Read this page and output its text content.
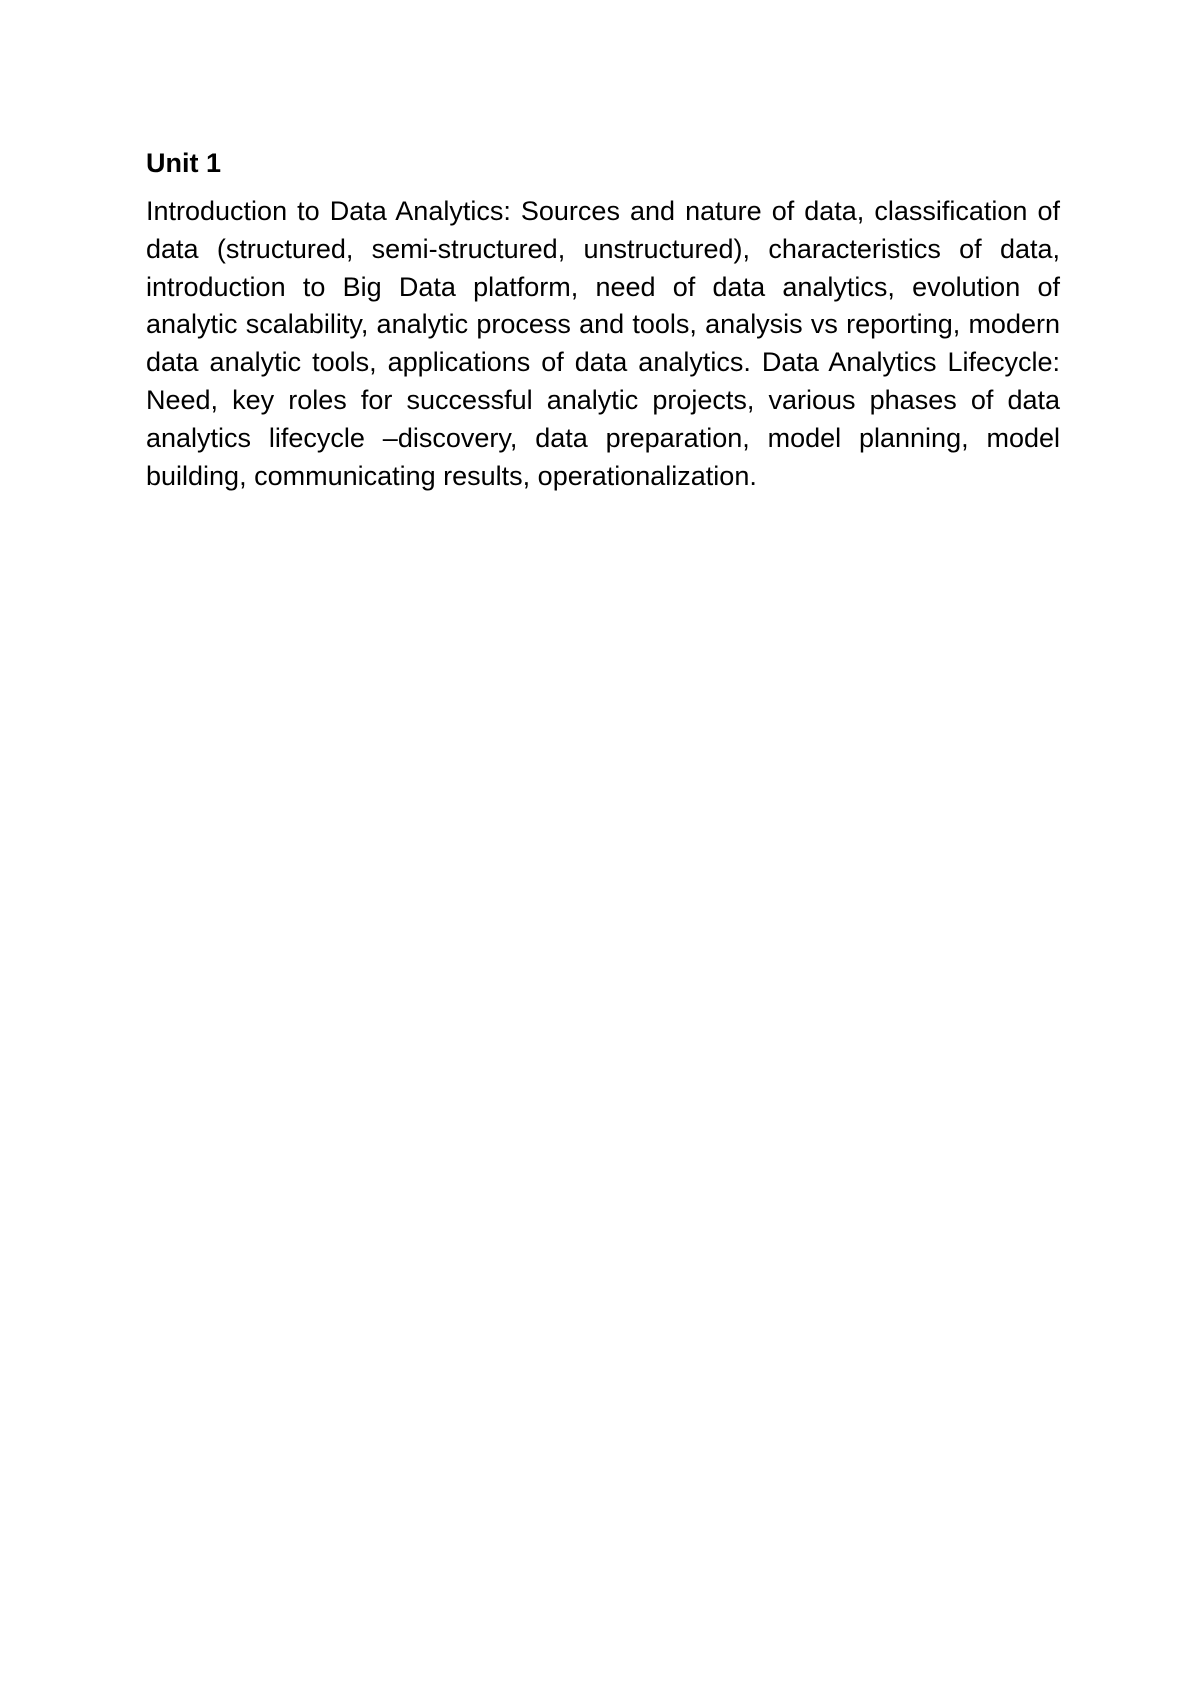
Unit 1

Introduction to Data Analytics: Sources and nature of data, classification of data (structured, semi-structured, unstructured), characteristics of data, introduction to Big Data platform, need of data analytics, evolution of analytic scalability, analytic process and tools, analysis vs reporting, modern data analytic tools, applications of data analytics. Data Analytics Lifecycle: Need, key roles for successful analytic projects, various phases of data analytics lifecycle –discovery, data preparation, model planning, model building, communicating results, operationalization.
